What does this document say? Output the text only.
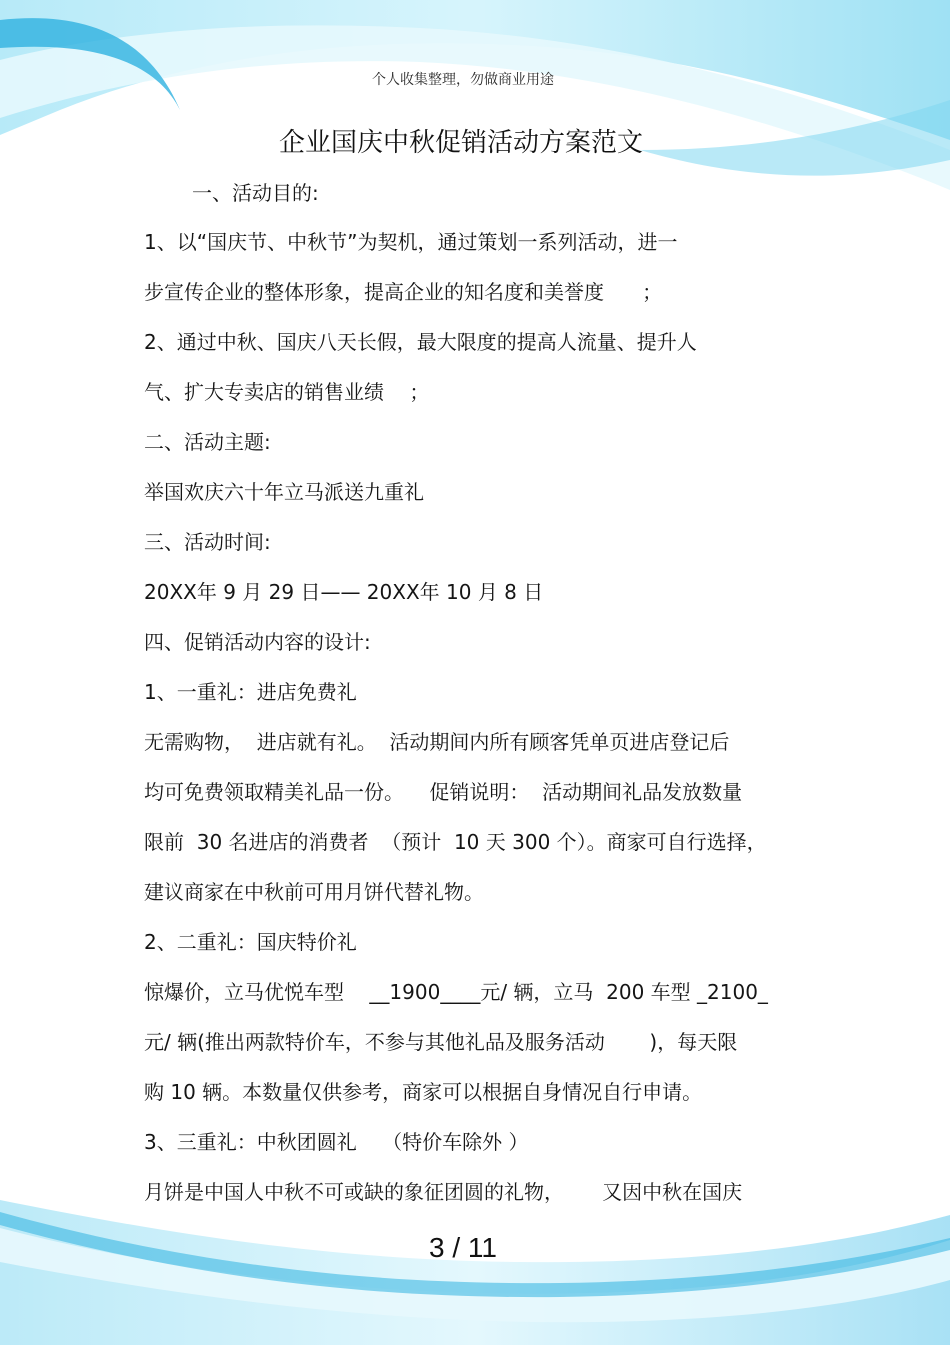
个人收集整理，勿做商业用途
企业国庆中秋促销活动方案范文
一、活动目的:
1、以“国庆节、中秋节”为契机，通过策划一系列活动，进一
步宣传企业的整体形象，提高企业的知名度和美誉度      ；
2、通过中秋、国庆八天长假，最大限度的提高人流量、提升人
气、扩大专卖店的销售业绩    ；
二、活动主题:
举国欢庆六十年立马派送九重礼
三、活动时间:
20XX年 9 月 29 日—— 20XX年 10 月 8 日
四、促销活动内容的设计:
1、一重礼：进店免费礼
无需购物，  进店就有礼。  活动期间内所有顾客凭单页进店登记后
均可免费领取精美礼品一份。    促销说明：  活动期间礼品发放数量
限前  30 名进店的消费者  （预计  10 天 300 个）。商家可自行选择，
建议商家在中秋前可用月饼代替礼物。
2、二重礼：国庆特价礼
惊爆价，立马优悦车型    __1900____元/ 辆，立马  200 车型 _2100_
元/ 辆(推出两款特价车，不参与其他礼品及服务活动       )，每天限
购 10 辆。本数量仅供参考，商家可以根据自身情况自行申请。
3、三重礼：中秋团圆礼    （特价车除外 ）
月饼是中国人中秋不可或缺的象征团圆的礼物，      又因中秋在国庆
3 / 11
